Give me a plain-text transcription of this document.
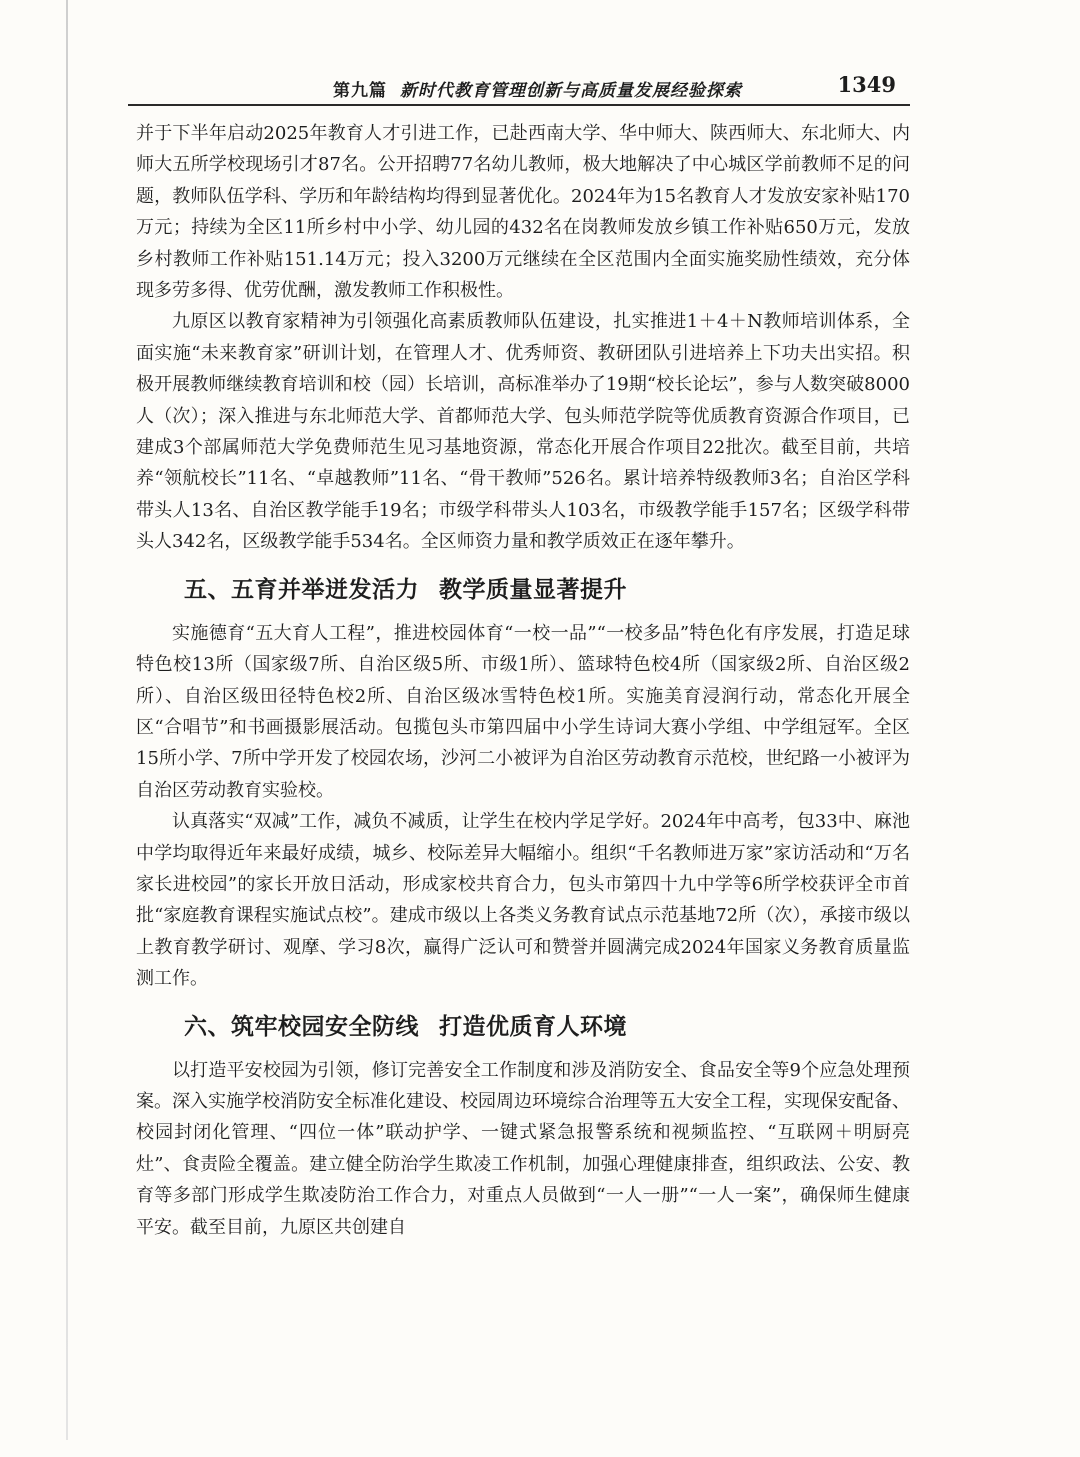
第九篇 新时代教育管理创新与高质量发展经验探索	1349

并于下半年启动2025年教育人才引进工作，已赴西南大学、华中师大、陕西师大、东北师大、内师大五所学校现场引才87名。公开招聘77名幼儿教师，极大地解决了中心城区学前教师不足的问题，教师队伍学科、学历和年龄结构均得到显著优化。2024年为15名教育人才发放安家补贴170万元；持续为全区11所乡村中小学、幼儿园的432名在岗教师发放乡镇工作补贴650万元，发放乡村教师工作补贴151.14万元；投入3200万元继续在全区范围内全面实施奖励性绩效，充分体现多劳多得、优劳优酬，激发教师工作积极性。

九原区以教育家精神为引领强化高素质教师队伍建设，扎实推进1＋4＋N教师培训体系，全面实施“未来教育家”研训计划，在管理人才、优秀师资、教研团队引进培养上下功夫出实招。积极开展教师继续教育培训和校（园）长培训，高标准举办了19期“校长论坛”，参与人数突破8000人（次）；深入推进与东北师范大学、首都师范大学、包头师范学院等优质教育资源合作项目，已建成3个部属师范大学免费师范生见习基地资源，常态化开展合作项目22批次。截至目前，共培养“领航校长”11名、“卓越教师”11名、“骨干教师”526名。累计培养特级教师3名；自治区学科带头人13名、自治区教学能手19名；市级学科带头人103名，市级教学能手157名；区级学科带头人342名，区级教学能手534名。全区师资力量和教学质效正在逐年攀升。

五、五育并举迸发活力 教学质量显著提升

实施德育“五大育人工程”，推进校园体育“一校一品”“一校多品”特色化有序发展，打造足球特色校13所（国家级7所、自治区级5所、市级1所）、篮球特色校4所（国家级2所、自治区级2所）、自治区级田径特色校2所、自治区级冰雪特色校1所。实施美育浸润行动，常态化开展全区“合唱节”和书画摄影展活动。包揽包头市第四届中小学生诗词大赛小学组、中学组冠军。全区15所小学、7所中学开发了校园农场，沙河二小被评为自治区劳动教育示范校，世纪路一小被评为自治区劳动教育实验校。

认真落实“双减”工作，减负不减质，让学生在校内学足学好。2024年中高考，包33中、麻池中学均取得近年来最好成绩，城乡、校际差异大幅缩小。组织“千名教师进万家”家访活动和“万名家长进校园”的家长开放日活动，形成家校共育合力，包头市第四十九中学等6所学校获评全市首批“家庭教育课程实施试点校”。建成市级以上各类义务教育试点示范基地72所（次），承接市级以上教育教学研讨、观摩、学习8次，赢得广泛认可和赞誉并圆满完成2024年国家义务教育质量监测工作。

六、筑牢校园安全防线 打造优质育人环境

以打造平安校园为引领，修订完善安全工作制度和涉及消防安全、食品安全等9个应急处理预案。深入实施学校消防安全标准化建设、校园周边环境综合治理等五大安全工程，实现保安配备、校园封闭化管理、“四位一体”联动护学、一键式紧急报警系统和视频监控、“互联网＋明厨亮灶”、食责险全覆盖。建立健全防治学生欺凌工作机制，加强心理健康排查，组织政法、公安、教育等多部门形成学生欺凌防治工作合力，对重点人员做到“一人一册”“一人一案”，确保师生健康平安。截至目前，九原区共创建自
